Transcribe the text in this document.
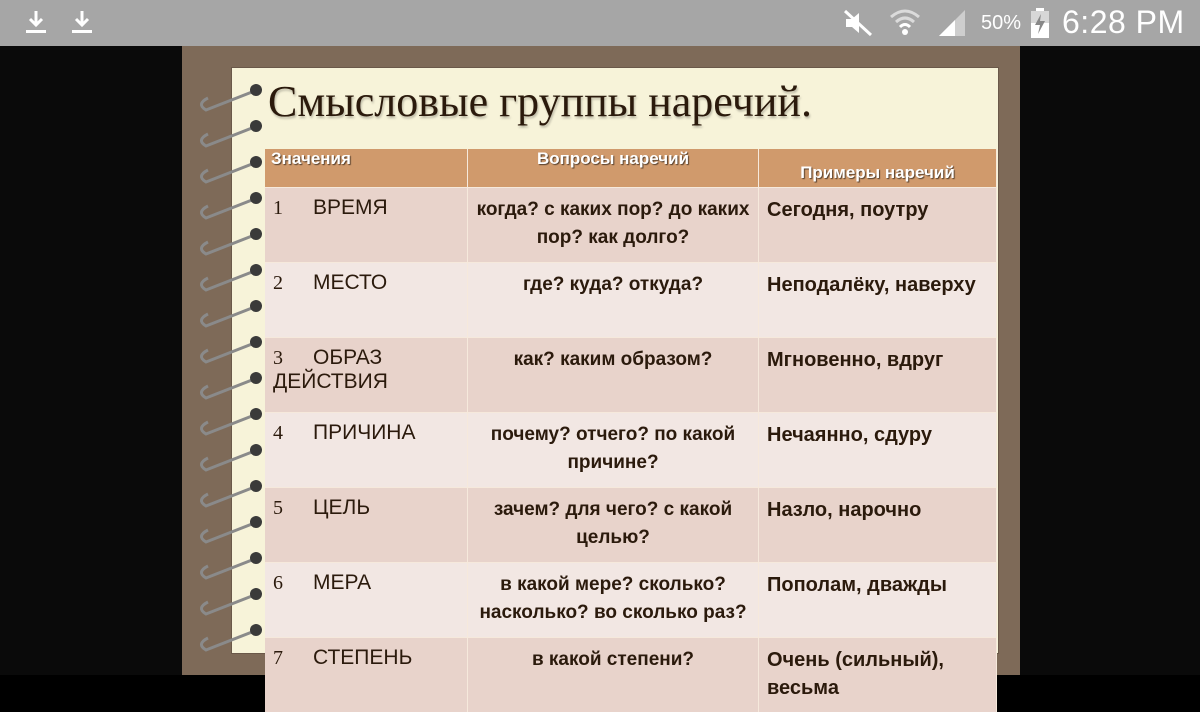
50% 6:28 PM
Смысловые группы наречий.
Значения	Вопросы наречий	Примеры наречий
1 ВРЕМЯ	когда? с каких пор? до каких пор? как долго?	Сегодня, поутру
2 МЕСТО	где? куда? откуда?	Неподалёку, наверху
3 ОБРАЗ ДЕЙСТВИЯ	как? каким образом?	Мгновенно, вдруг
4 ПРИЧИНА	почему? отчего? по какой причине?	Нечаянно, сдуру
5 ЦЕЛЬ	зачем? для чего? с какой целью?	Назло, нарочно
6 МЕРА	в какой мере? сколько? насколько? во сколько раз?	Пополам, дважды
7 СТЕПЕНЬ	в какой степени?	Очень (сильный), весьма
